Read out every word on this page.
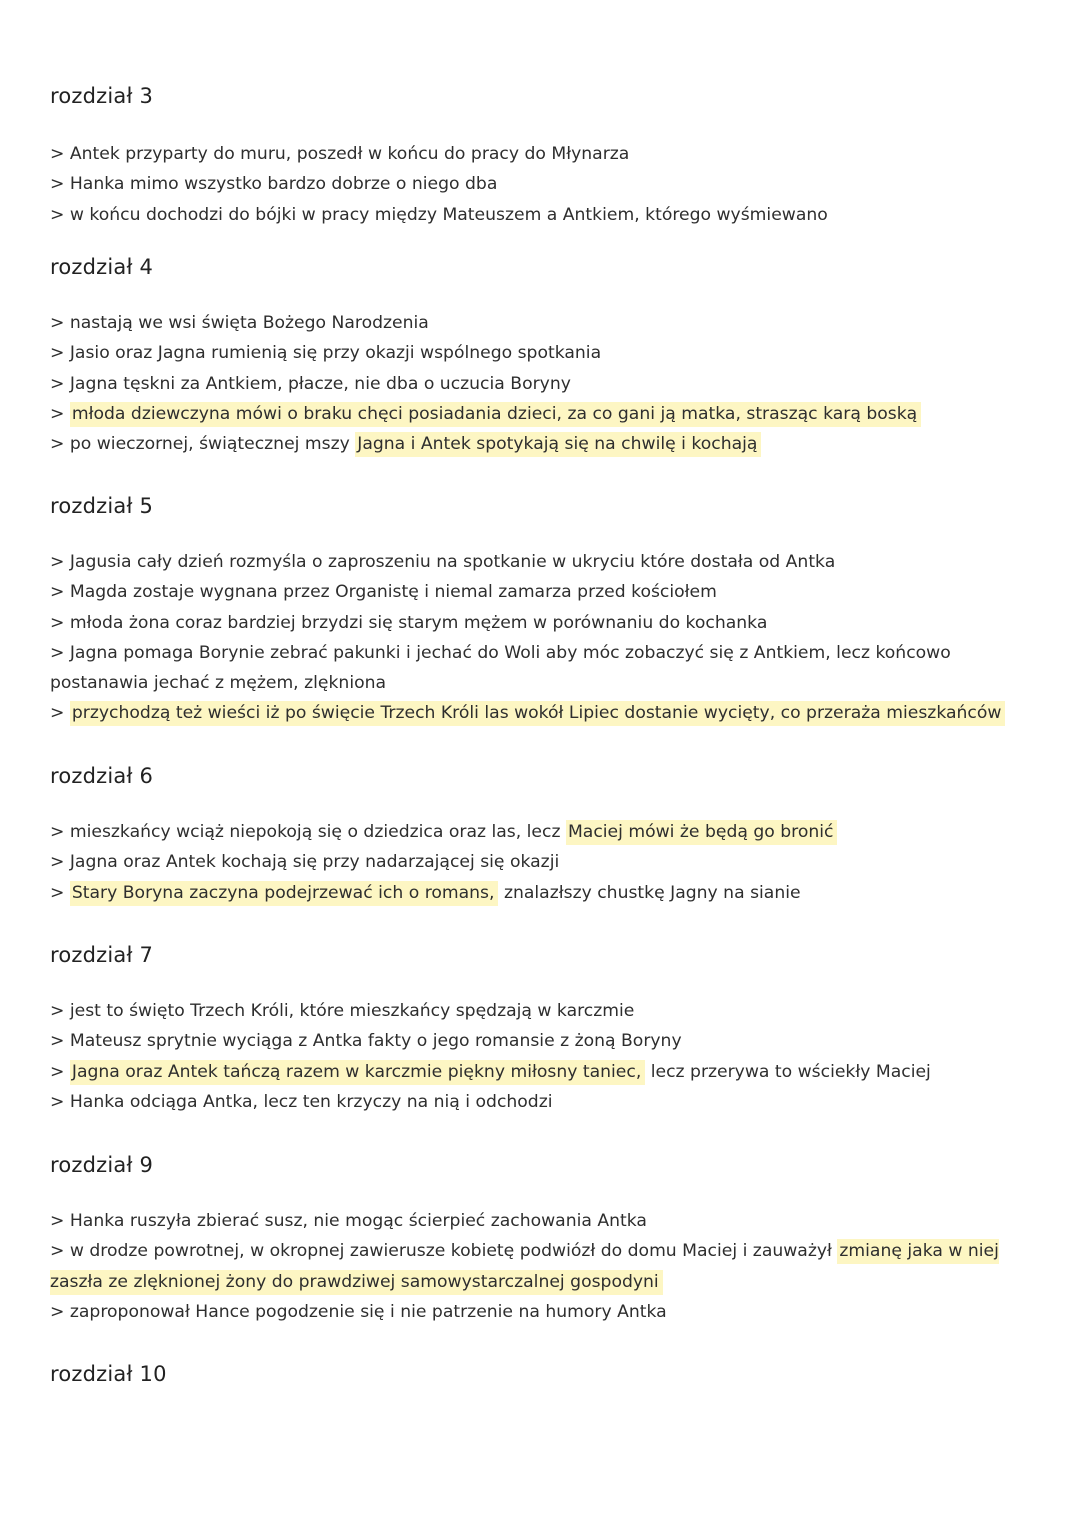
rozdział 3
> Antek przyparty do muru, poszedł w końcu do pracy do Młynarza
> Hanka mimo wszystko bardzo dobrze o niego dba
> w końcu dochodzi do bójki w pracy między Mateuszem a Antkiem, którego wyśmiewano
rozdział 4
> nastają we wsi święta Bożego Narodzenia
> Jasio oraz Jagna rumienią się przy okazji wspólnego spotkania
> Jagna tęskni za Antkiem, płacze, nie dba o uczucia Boryny
> młoda dziewczyna mówi o braku chęci posiadania dzieci, za co gani ją matka, strasząc karą boską
> po wieczornej, świątecznej mszy Jagna i Antek spotykają się na chwilę i kochają
rozdział 5
> Jagusia cały dzień rozmyśla o zaproszeniu na spotkanie w ukryciu które dostała od Antka
> Magda zostaje wygnana przez Organistę i niemal zamarza przed kościołem
> młoda żona coraz bardziej brzydzi się starym mężem w porównaniu do kochanka
> Jagna pomaga Borynie zebrać pakunki i jechać do Woli aby móc zobaczyć się z Antkiem, lecz końcowo postanawia jechać z mężem, zlękniona
> przychodzą też wieści iż po święcie Trzech Króli las wokół Lipiec dostanie wycięty, co przeraża mieszkańców
rozdział 6
> mieszkańcy wciąż niepokoją się o dziedzica oraz las, lecz Maciej mówi że będą go bronić
> Jagna oraz Antek kochają się przy nadarzającej się okazji
> Stary Boryna zaczyna podejrzewać ich o romans, znalazłszy chustkę Jagny na sianie
rozdział 7
> jest to święto Trzech Króli, które mieszkańcy spędzają w karczmie
> Mateusz sprytnie wyciąga z Antka fakty o jego romansie z żoną Boryny
> Jagna oraz Antek tańczą razem w karczmie piękny miłosny taniec, lecz przerywa to wściekły Maciej
> Hanka odciąga Antka, lecz ten krzyczy na nią i odchodzi
rozdział 9
> Hanka ruszyła zbierać susz, nie mogąc ścierpieć zachowania Antka
> w drodze powrotnej, w okropnej zawierusze kobietę podwiózł do domu Maciej i zauważył zmianę jaka w niej zaszła ze zlęknionej żony do prawdziwej samowystarczalnej gospodyni
> zaproponował Hance pogodzenie się i nie patrzenie na humory Antka
rozdział 10
